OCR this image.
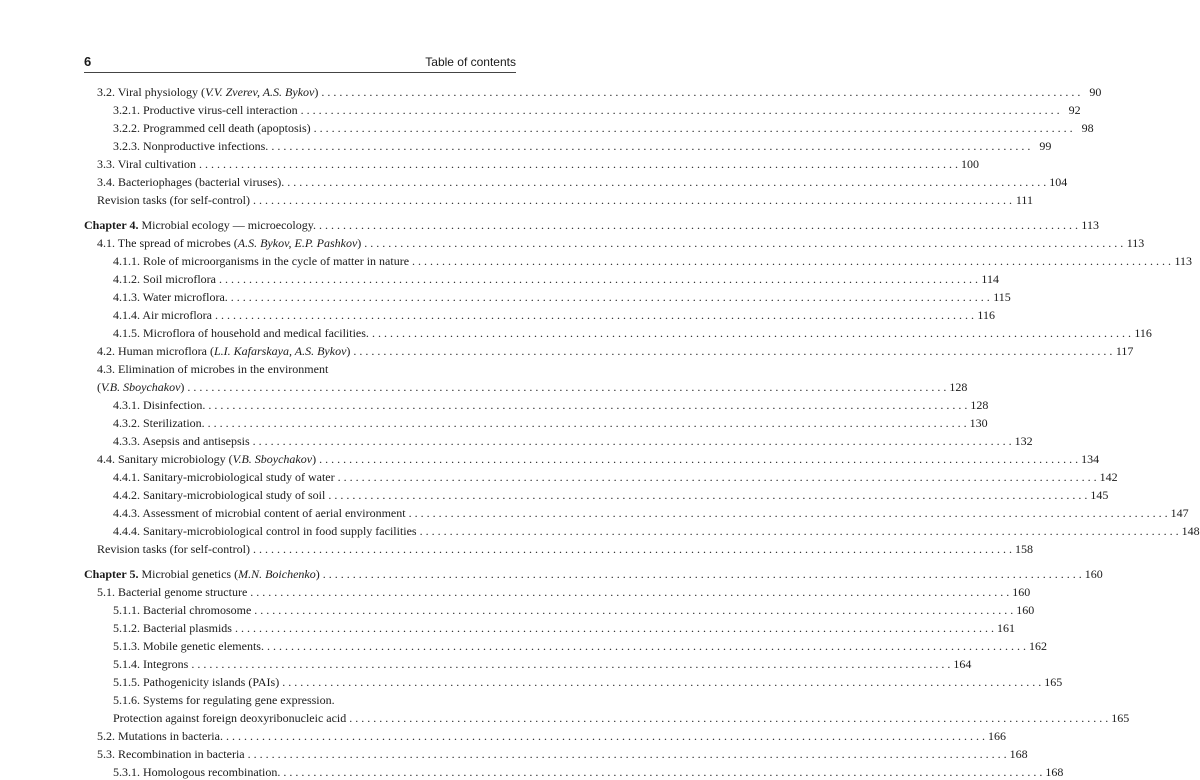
6	Table of contents
3.2. Viral physiology (V.V. Zverev, A.S. Bykov) . . .	90
3.2.1. Productive virus-cell interaction . . .	92
3.2.2. Programmed cell death (apoptosis) . . .	98
3.2.3. Nonproductive infections. . . .	99
3.3. Viral cultivation . . .	100
3.4. Bacteriophages (bacterial viruses). . . .	104
Revision tasks (for self-control) . . .	111
Chapter 4. Microbial ecology — microecology. . . .	113
4.1. The spread of microbes (A.S. Bykov, E.P. Pashkov) . . .	113
4.1.1. Role of microorganisms in the cycle of matter in nature . . .	113
4.1.2. Soil microflora . . .	114
4.1.3. Water microflora. . . .	115
4.1.4. Air microflora . . .	116
4.1.5. Microflora of household and medical facilities. . . .	116
4.2. Human microflora (L.I. Kafarskaya, A.S. Bykov) . . .	117
4.3. Elimination of microbes in the environment
(V.B. Sboychakov) . . .	128
4.3.1. Disinfection. . . .	128
4.3.2. Sterilization. . . .	130
4.3.3. Asepsis and antisepsis . . .	132
4.4. Sanitary microbiology (V.B. Sboychakov) . . .	134
4.4.1. Sanitary-microbiological study of water . . .	142
4.4.2. Sanitary-microbiological study of soil . . .	145
4.4.3. Assessment of microbial content of aerial environment . . .	147
4.4.4. Sanitary-microbiological control in food supply facilities . . .	148
Revision tasks (for self-control) . . .	158
Chapter 5. Microbial genetics (M.N. Boichenko) . . .	160
5.1. Bacterial genome structure . . .	160
5.1.1. Bacterial chromosome . . .	160
5.1.2. Bacterial plasmids . . .	161
5.1.3. Mobile genetic elements. . . .	162
5.1.4. Integrons . . .	164
5.1.5. Pathogenicity islands (PAIs) . . .	165
5.1.6. Systems for regulating gene expression.
Protection against foreign deoxyribonucleic acid . . .	165
5.2. Mutations in bacteria. . . .	166
5.3. Recombination in bacteria . . .	168
5.3.1. Homologous recombination. . . .	168
